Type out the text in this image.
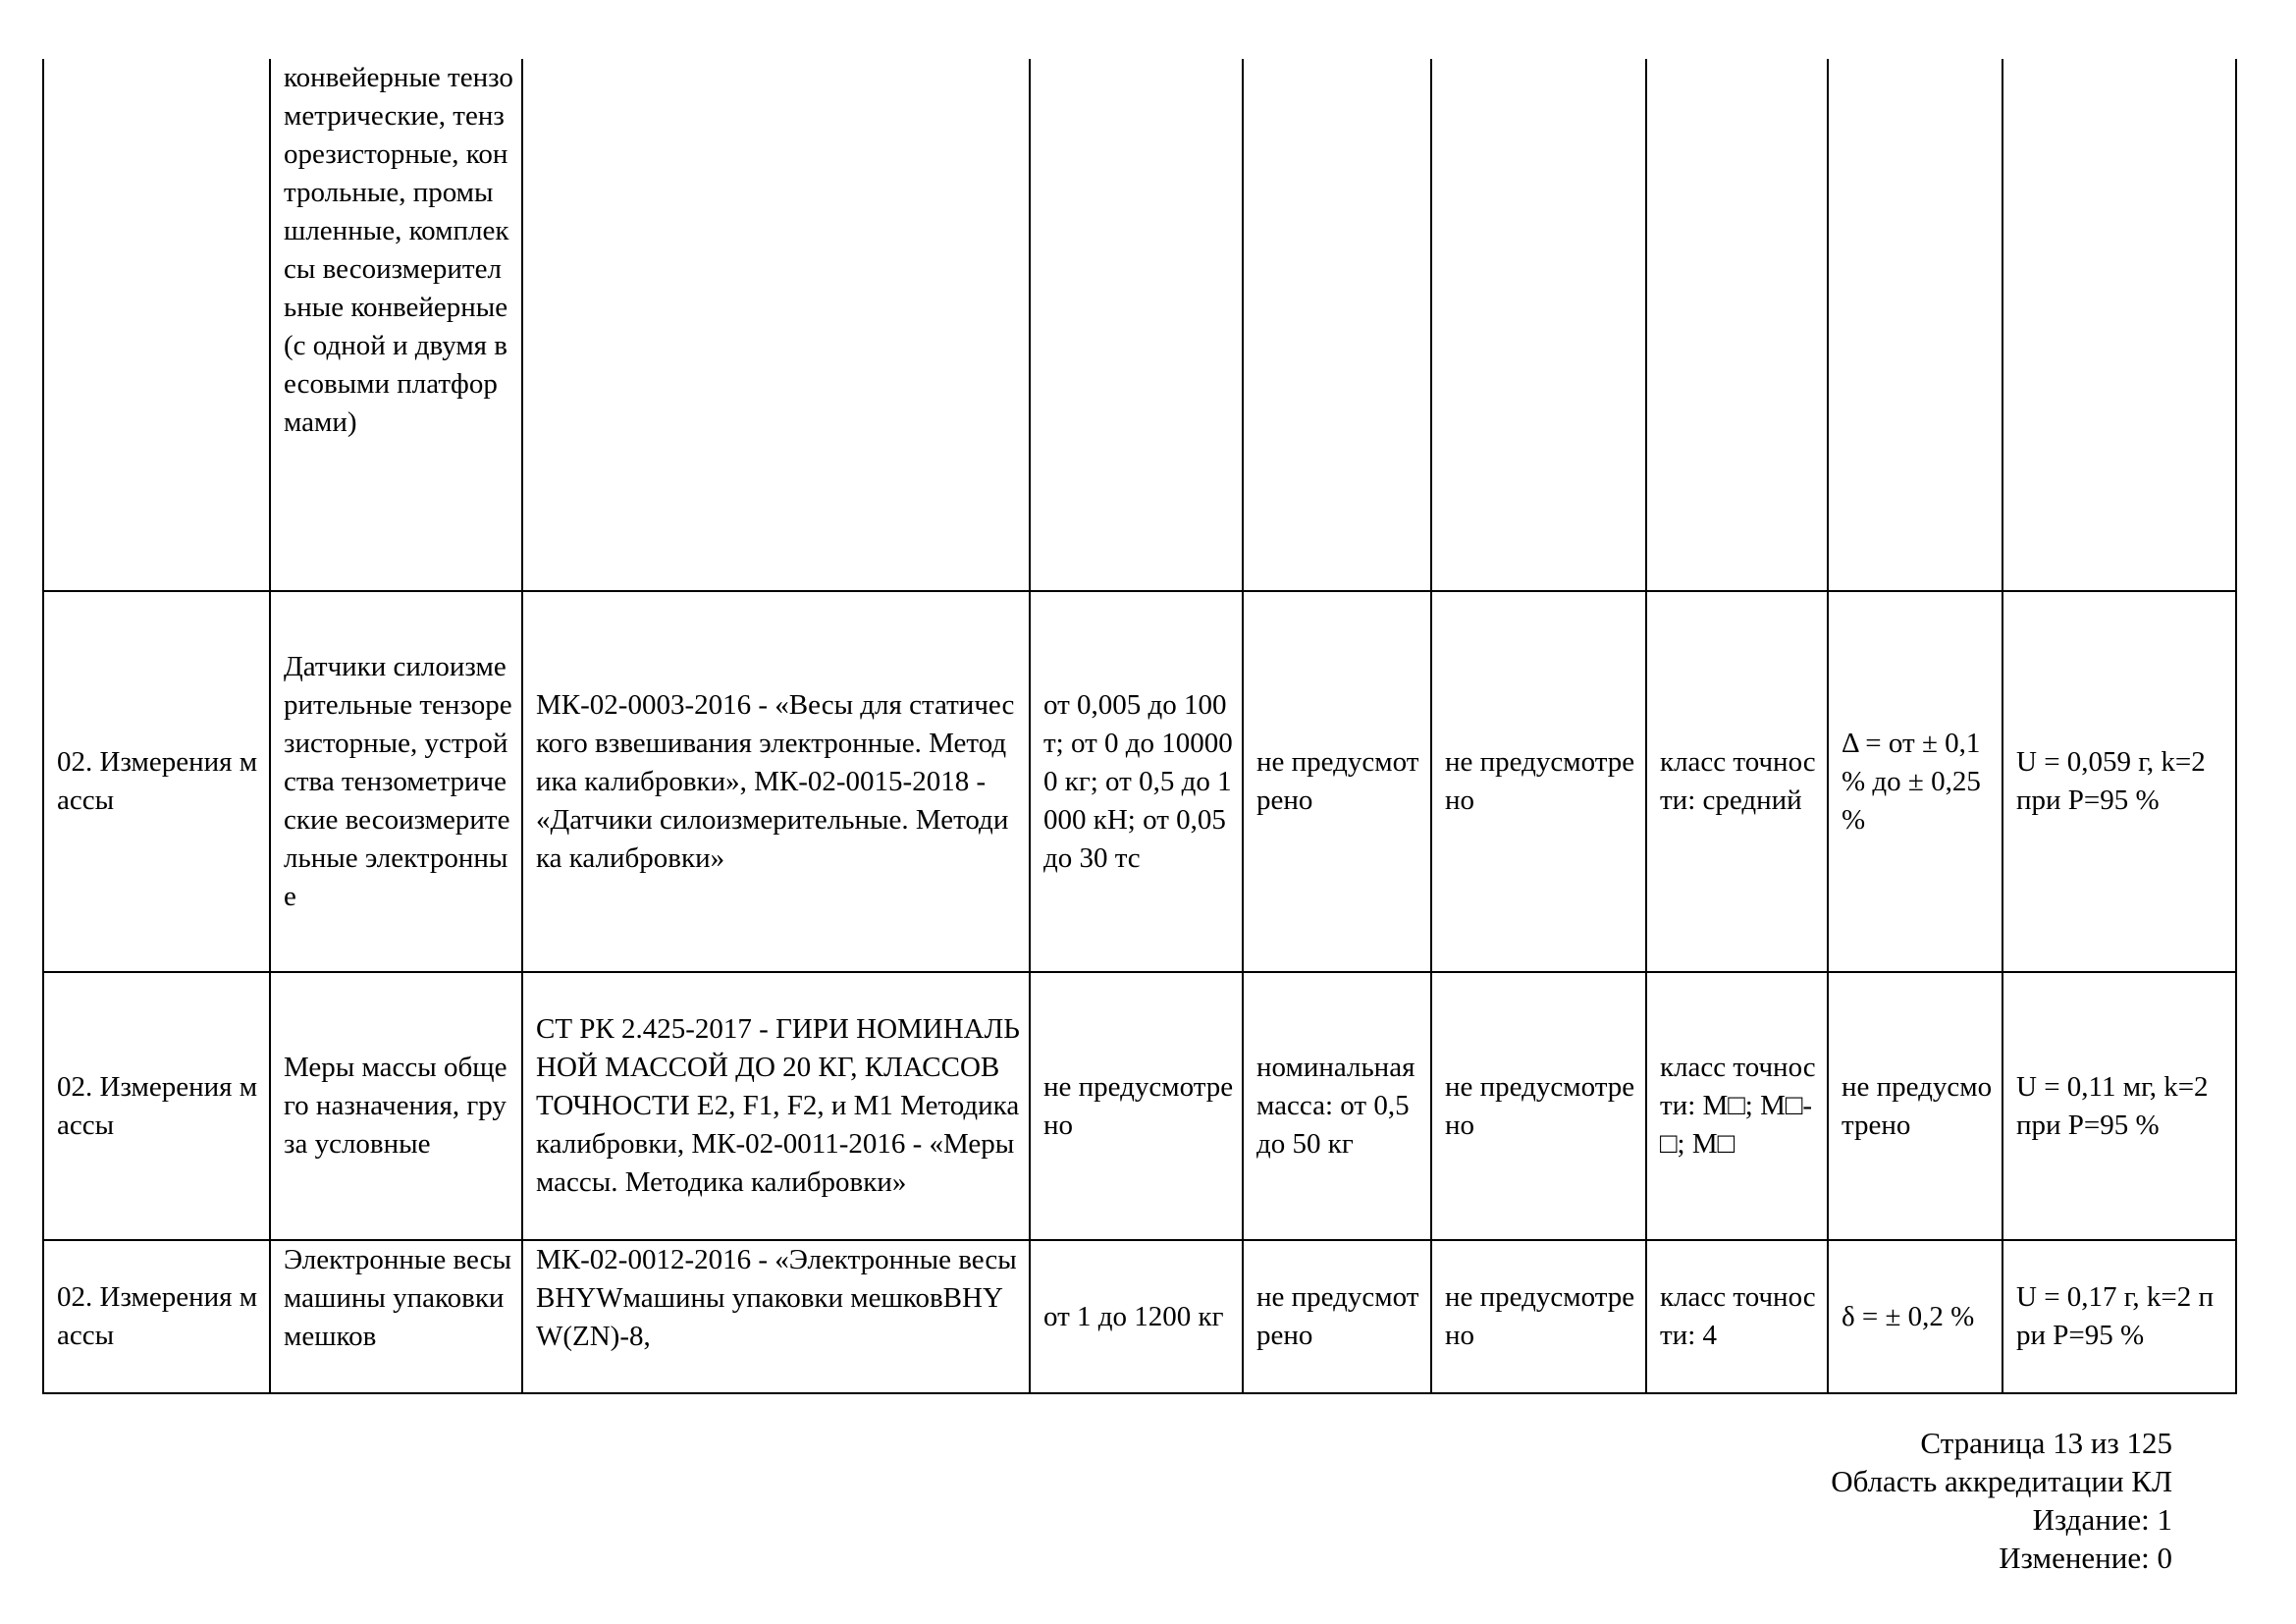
	конвейерные тензометрические, тензорезисторные, контрольные, промышленные, комплексы весоизмерительные конвейерные (с одной и двумя весовыми платформами)							
02. Измерения массы	Датчики силоизмерительные тензорезисторные, устройства тензометрические весоизмерительные электронные	МК-02-0003-2016 - «Весы для статического взвешивания электронные. Методика калибровки», МК-02-0015-2018 - «Датчики силоизмерительные. Методика калибровки»	от 0,005 до 100 т; от 0 до 100000 кг; от 0,5 до 1000 кН; от 0,05 до 30 тс	не предусмотрено	не предусмотрено	класс точности: средний	Δ = от ± 0,1 % до ± 0,25 %	U = 0,059 г, k=2 при P=95 %
02. Измерения массы	Меры массы общего назначения, груза условные	СТ РК 2.425-2017 - ГИРИ НОМИНАЛЬНОЙ МАССОЙ ДО 20 КГ, КЛАССОВ ТОЧНОСТИ E2, F1, F2, и M1 Методика калибровки, МК-02-0011-2016 - «Меры массы. Методика калибровки»	не предусмотрено	номинальная масса: от 0,5 до 50 кг	не предусмотрено	класс точности: M□; M□-□; M□	не предусмотрено	U = 0,11 мг, k=2 при P=95 %
02. Измерения массы	Электронные весы машины упаковки мешков	МК-02-0012-2016 - «Электронные весыBHYWмашины упаковки мешковBHYW(ZN)-8,	от 1 до 1200 кг	не предусмотрено	не предусмотрено	класс точности: 4	δ = ± 0,2 %	U = 0,17 г, k=2 при P=95 %
Страница 13 из 125
Область аккредитации КЛ
Издание: 1
Изменение: 0
